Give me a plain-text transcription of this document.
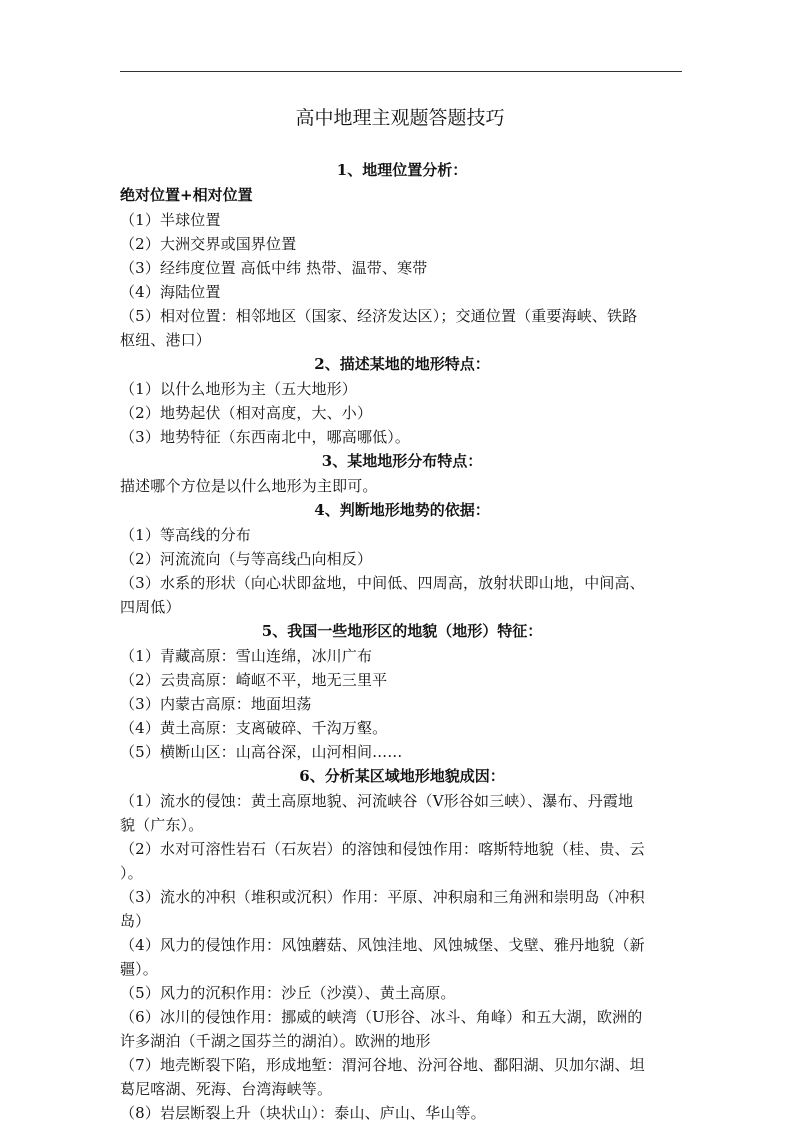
高中地理主观题答题技巧

1、地理位置分析：

绝对位置+相对位置

（1）半球位置

（2）大洲交界或国界位置

（3）经纬度位置 高低中纬 热带、温带、寒带

（4）海陆位置

（5）相对位置：相邻地区（国家、经济发达区）；交通位置（重要海峡、铁路

枢纽、港口）

2、描述某地的地形特点：

（1）以什么地形为主（五大地形）

（2）地势起伏（相对高度，大、小）

（3）地势特征（东西南北中，哪高哪低）。

3、某地地形分布特点：

描述哪个方位是以什么地形为主即可。

4、判断地形地势的依据：

（1）等高线的分布

（2）河流流向（与等高线凸向相反）

（3）水系的形状（向心状即盆地，中间低、四周高，放射状即山地，中间高、

四周低）

5、我国一些地形区的地貌（地形）特征：

（1）青藏高原：雪山连绵，冰川广布

（2）云贵高原：崎岖不平，地无三里平

（3）内蒙古高原：地面坦荡

（4）黄土高原：支离破碎、千沟万壑。

（5）横断山区：山高谷深，山河相间……

6、分析某区域地形地貌成因：

（1）流水的侵蚀：黄土高原地貌、河流峡谷（V形谷如三峡）、瀑布、丹霞地

貌（广东）。

（2）水对可溶性岩石（石灰岩）的溶蚀和侵蚀作用：喀斯特地貌（桂、贵、云

）。

（3）流水的冲积（堆积或沉积）作用：平原、冲积扇和三角洲和崇明岛（冲积

岛）

（4）风力的侵蚀作用：风蚀蘑菇、风蚀洼地、风蚀城堡、戈壁、雅丹地貌（新

疆）。

（5）风力的沉积作用：沙丘（沙漠）、黄土高原。

（6）冰川的侵蚀作用：挪威的峡湾（U形谷、冰斗、角峰）和五大湖，欧洲的

许多湖泊（千湖之国芬兰的湖泊）。欧洲的地形

（7）地壳断裂下陷，形成地堑：渭河谷地、汾河谷地、鄱阳湖、贝加尔湖、坦

葛尼喀湖、死海、台湾海峡等。

（8）岩层断裂上升（块状山）：泰山、庐山、华山等。
